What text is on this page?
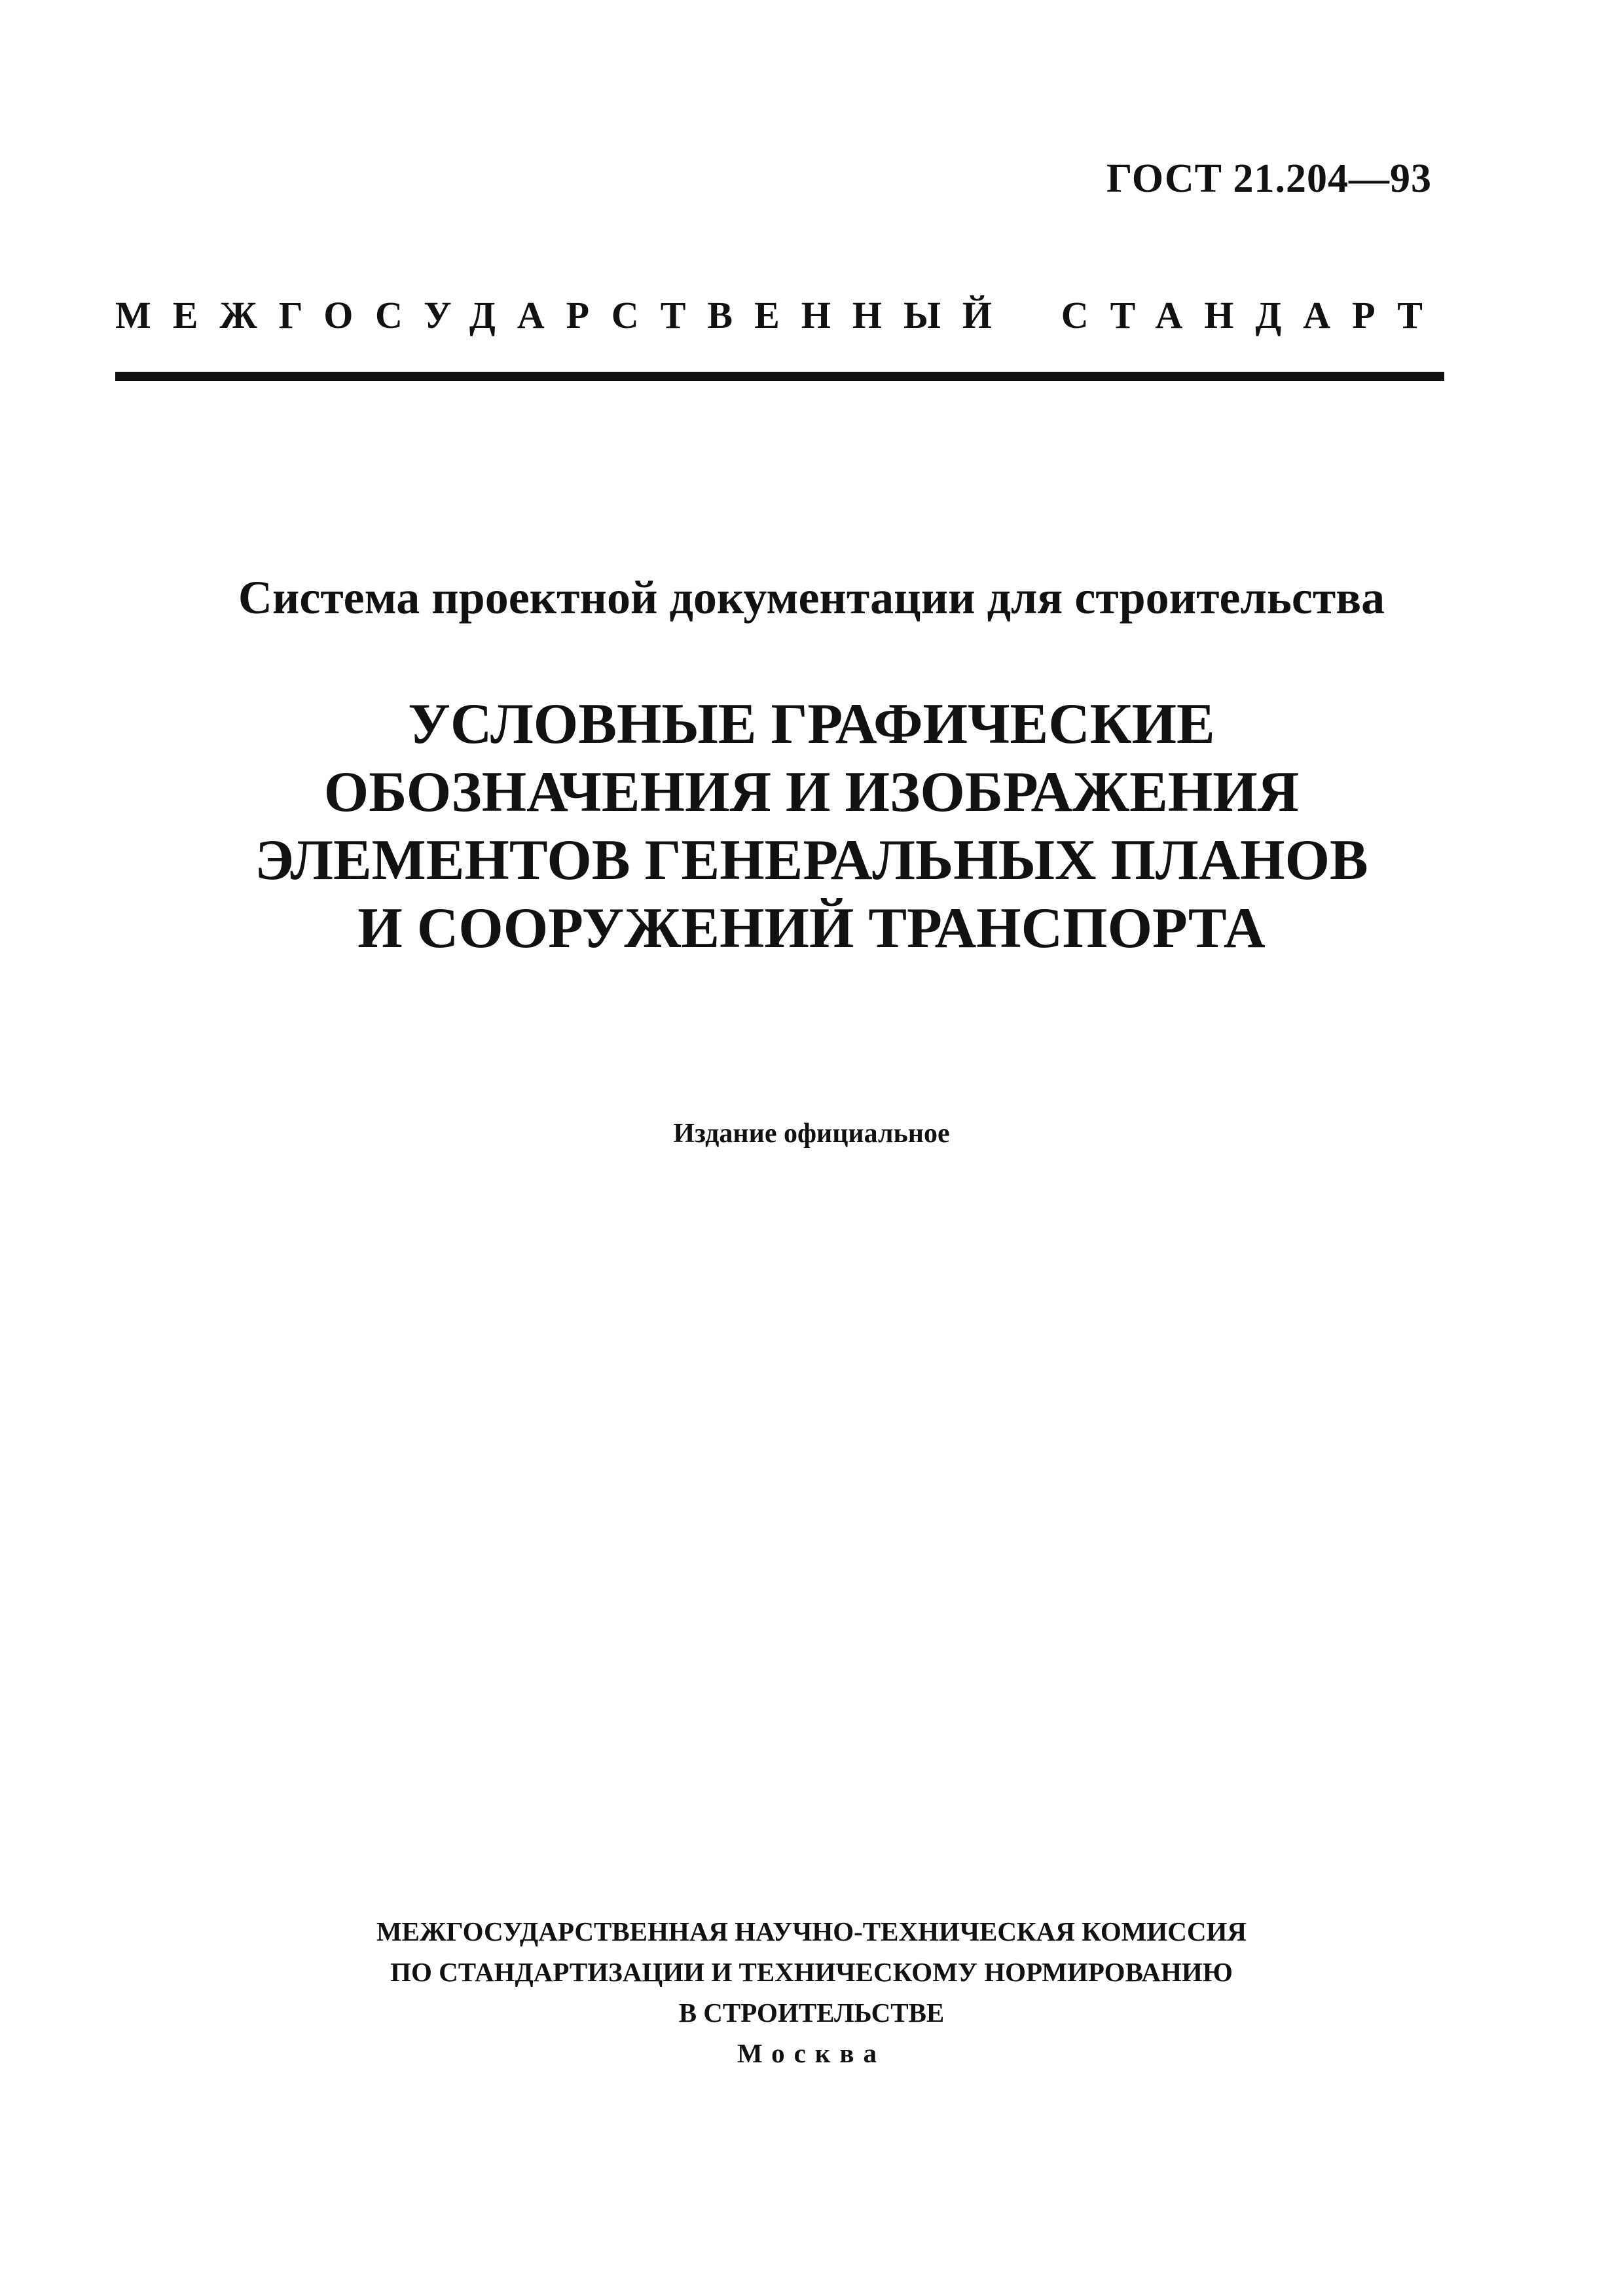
ГОСТ 21.204—93
МЕЖГОСУДАРСТВЕННЫЙ СТАНДАРТ
Система проектной документации для строительства
УСЛОВНЫЕ ГРАФИЧЕСКИЕ
ОБОЗНАЧЕНИЯ И ИЗОБРАЖЕНИЯ
ЭЛЕМЕНТОВ ГЕНЕРАЛЬНЫХ ПЛАНОВ
И СООРУЖЕНИЙ ТРАНСПОРТА
Издание официальное
МЕЖГОСУДАРСТВЕННАЯ НАУЧНО-ТЕХНИЧЕСКАЯ КОМИССИЯ
ПО СТАНДАРТИЗАЦИИ И ТЕХНИЧЕСКОМУ НОРМИРОВАНИЮ
В СТРОИТЕЛЬСТВЕ
Москва
